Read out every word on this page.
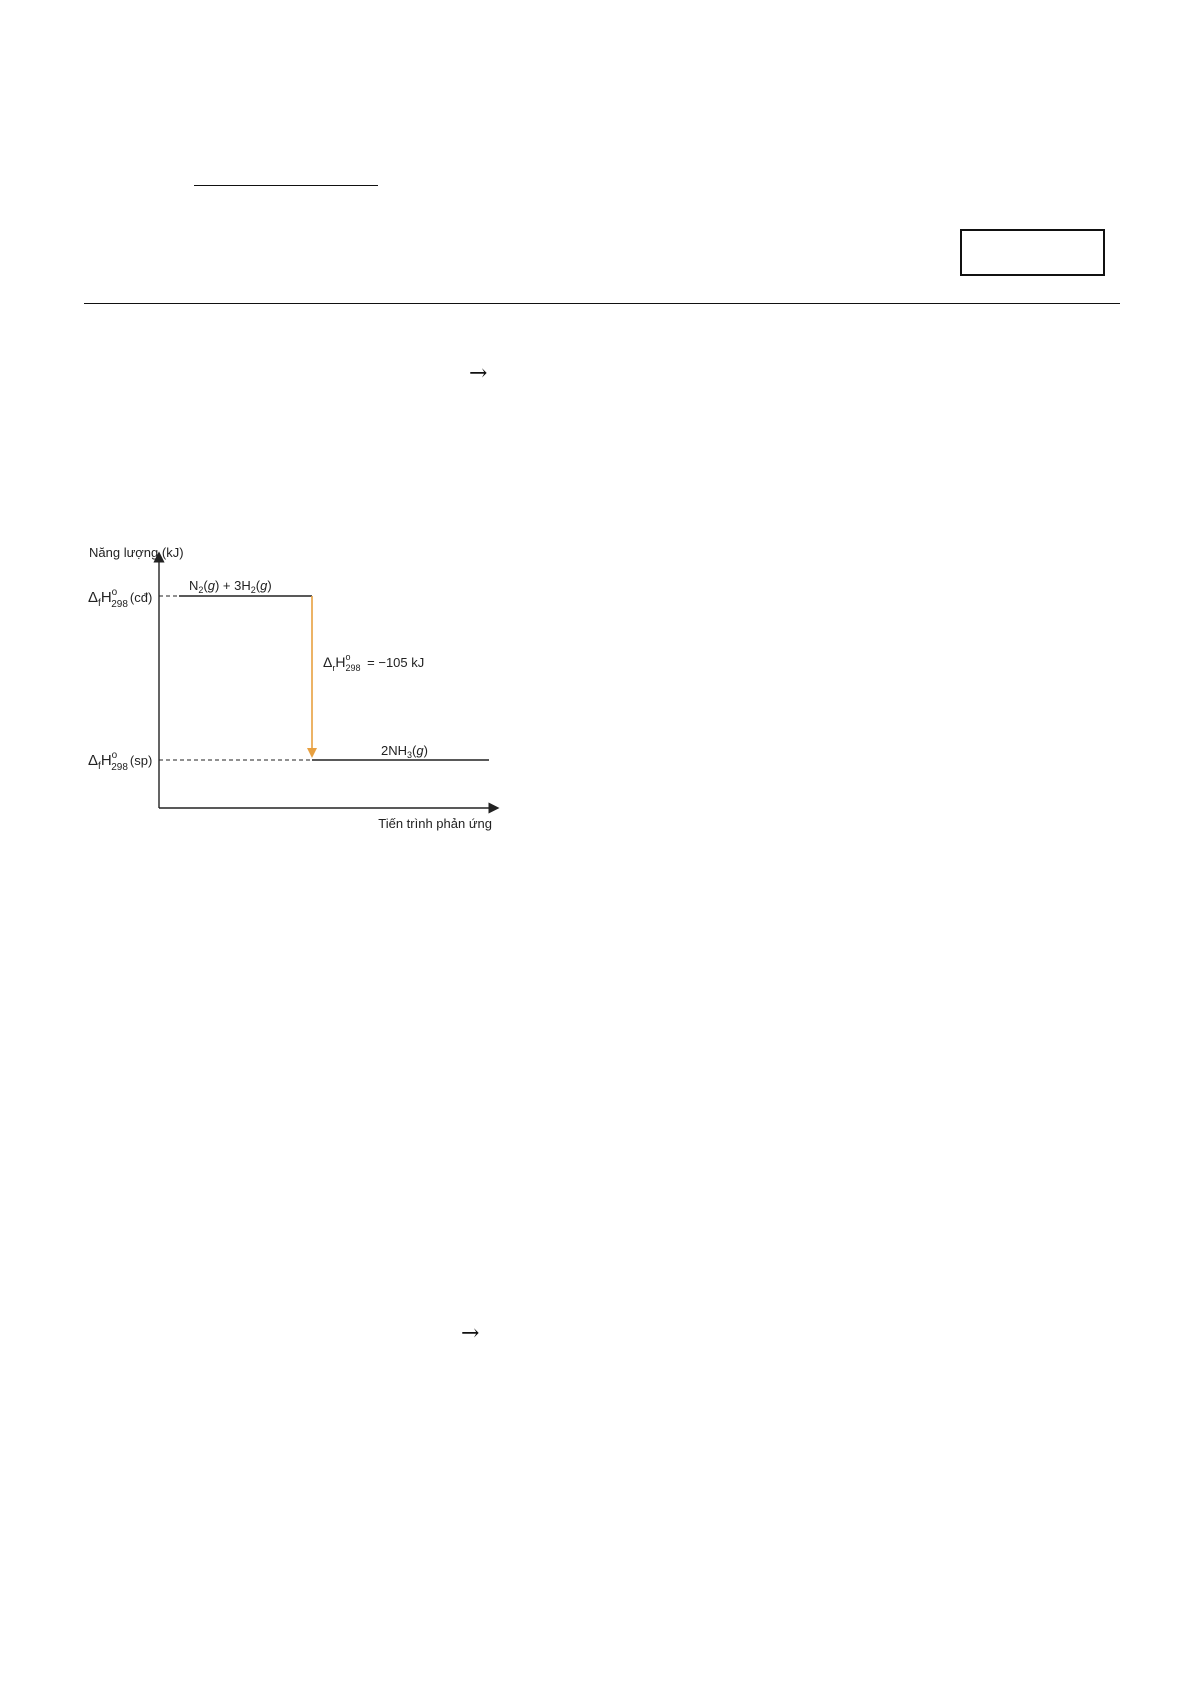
→
→
Năng lượng (kJ)
Tiến trình phản ứng
$\Delta_fH^o$ 298 (cđ)
$\Delta_fH^o$ 298 (sp)
$N_2(g) + 3H_2(g)$
$2NH_3(g)$
$\Delta_rH^o$ 298 = −105 kJ
